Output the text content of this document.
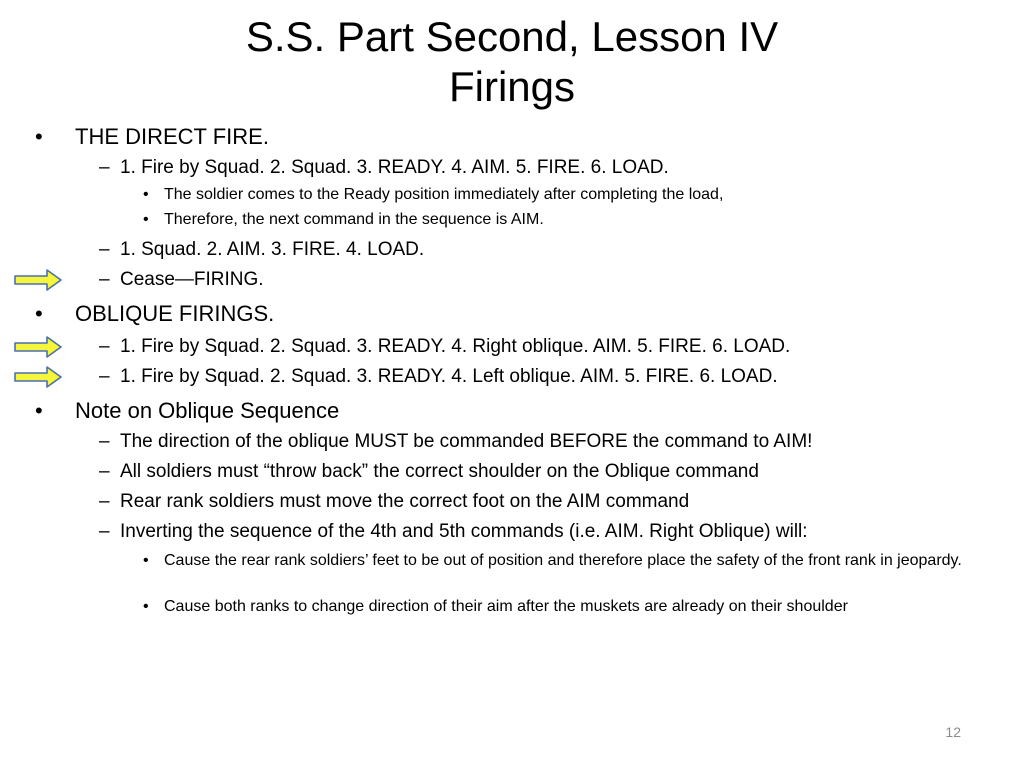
S.S. Part Second, Lesson IV
Firings
• THE DIRECT FIRE.
– 1. Fire by Squad. 2. Squad. 3. READY. 4. AIM. 5. FIRE. 6. LOAD.
• The soldier comes to the Ready position immediately after completing the load,
• Therefore, the next command in the sequence is AIM.
– 1. Squad. 2. AIM. 3. FIRE. 4. LOAD.
– Cease—FIRING.
• OBLIQUE FIRINGS.
– 1. Fire by Squad. 2. Squad. 3. READY. 4. Right oblique. AIM. 5. FIRE. 6. LOAD.
– 1. Fire by Squad. 2. Squad. 3. READY. 4. Left oblique. AIM. 5. FIRE. 6. LOAD.
• Note on Oblique Sequence
– The direction of the oblique MUST be commanded BEFORE the command to AIM!
– All soldiers must “throw back” the correct shoulder on the Oblique command
– Rear rank soldiers must move the correct foot on the AIM command
– Inverting the sequence of the 4th and 5th commands (i.e. AIM. Right Oblique) will:
• Cause the rear rank soldiers’ feet to be out of position and therefore place the safety of the front rank in jeopardy.
• Cause both ranks to change direction of their aim after the muskets are already on their shoulder
12
